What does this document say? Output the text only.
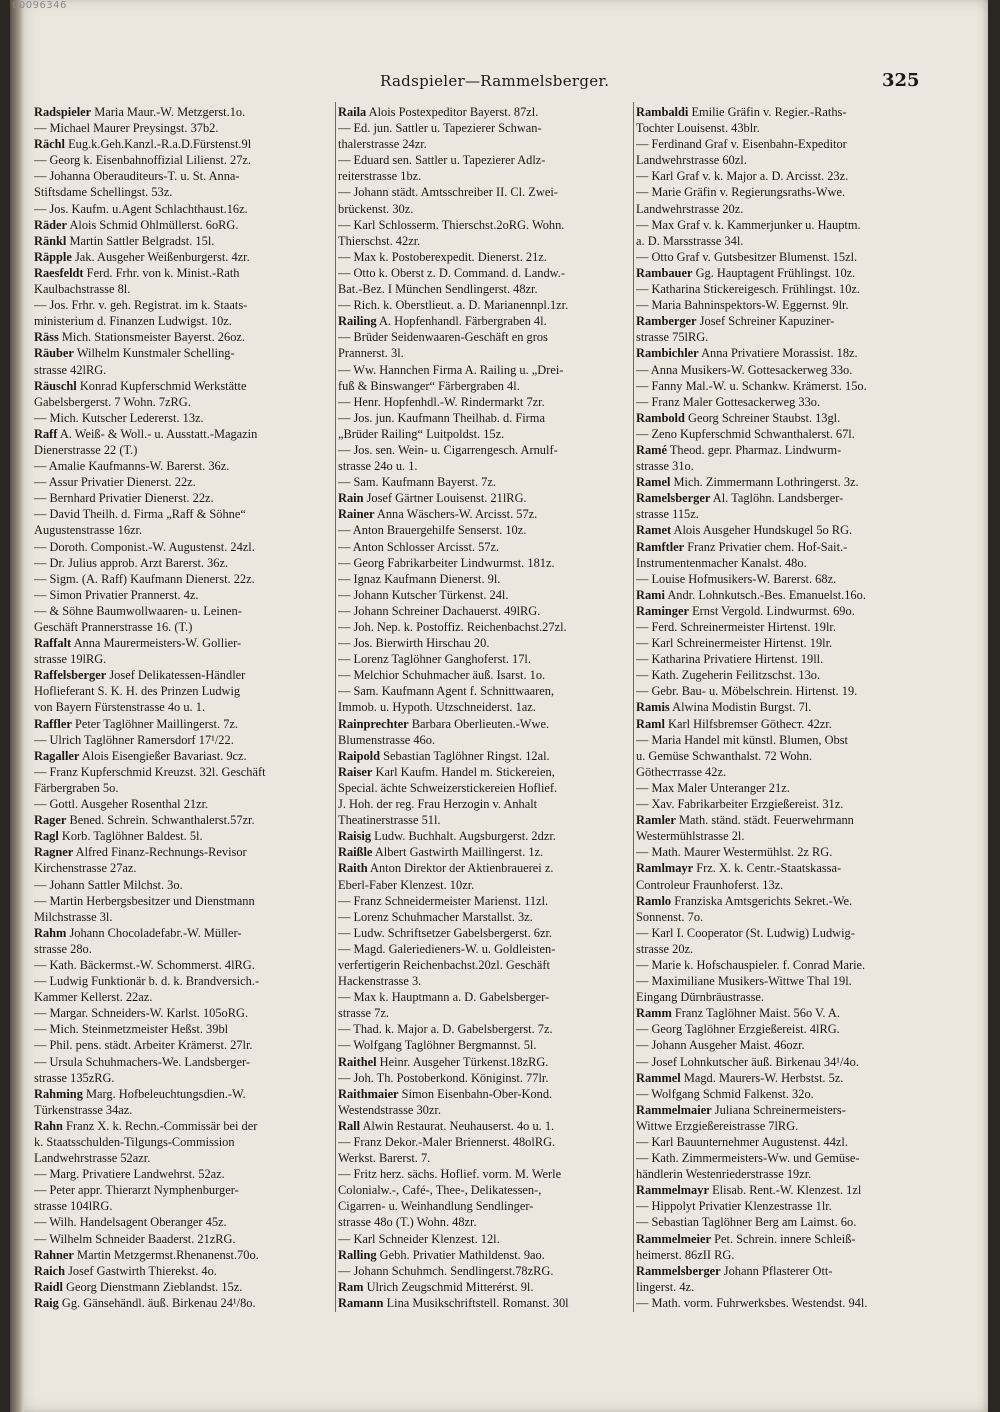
00096346
Radspieler—Rammelsberger.	325
Radspieler Maria Maur.-W. Metzgerst.1o.
— Michael Maurer Preysingst. 37b2.
Rächl Eug.k.Geh.Kanzl.-R.a.D.Fürstenst.9l
— Georg k. Eisenbahnoffizial Lilienst. 27z.
— Johanna Oberauditeurs-T. u. St. Anna-
Stiftsdame Schellingst. 53z.
— Jos. Kaufm. u.Agent Schlachthaust.16z.
Räder Alois Schmid Ohlmüllerst. 6oRG.
Ränkl Martin Sattler Belgradst. 15l.
Räpple Jak. Ausgeher Weißenburgerst. 4zr.
Raesfeldt Ferd. Frhr. von k. Minist.-Rath
Kaulbachstrasse 8l.
— Jos. Frhr. v. geh. Registrat. im k. Staats-
ministerium d. Finanzen Ludwigst. 10z.
Räss Mich. Stationsmeister Bayerst. 26oz.
Räuber Wilhelm Kunstmaler Schelling-
strasse 42lRG.
Räuschl Konrad Kupferschmid Werkstätte
Gabelsbergerst. 7 Wohn. 7zRG.
— Mich. Kutscher Ledererst. 13z.
Raff A. Weiß- & Woll.- u. Ausstatt.-Magazin
Dienerstrasse 22 (T.)
— Amalie Kaufmanns-W. Barerst. 36z.
— Assur Privatier Dienerst. 22z.
— Bernhard Privatier Dienerst. 22z.
— David Theilh. d. Firma „Raff & Söhne“
Augustenstrasse 16zr.
— Doroth. Componist.-W. Augustenst. 24zl.
— Dr. Julius approb. Arzt Barerst. 36z.
— Sigm. (A. Raff) Kaufmann Dienerst. 22z.
— Simon Privatier Prannerst. 4z.
— & Söhne Baumwollwaaren- u. Leinen-
Geschäft Prannerstrasse 16. (T.)
Raffalt Anna Maurermeisters-W. Gollier-
strasse 19lRG.
Raffelsberger Josef Delikatessen-Händler
Hoflieferant S. K. H. des Prinzen Ludwig
von Bayern Fürstenstrasse 4o u. 1.
Raffler Peter Taglöhner Maillingerst. 7z.
— Ulrich Taglöhner Ramersdorf 17¹/22.
Ragaller Alois Eisengießer Bavariast. 9cz.
— Franz Kupferschmid Kreuzst. 32l. Geschäft
Färbergraben 5o.
— Gottl. Ausgeher Rosenthal 21zr.
Rager Bened. Schrein. Schwanthalerst.57zr.
Ragl Korb. Taglöhner Baldest. 5l.
Ragner Alfred Finanz-Rechnungs-Revisor
Kirchenstrasse 27az.
— Johann Sattler Milchst. 3o.
— Martin Herbergsbesitzer und Dienstmann
Milchstrasse 3l.
Rahm Johann Chocoladefabr.-W. Müller-
strasse 28o.
— Kath. Bäckermst.-W. Schommerst. 4lRG.
— Ludwig Funktionär b. d. k. Brandversich.-
Kammer Kellerst. 22az.
— Margar. Schneiders-W. Karlst. 105oRG.
— Mich. Steinmetzmeister Heßst. 39bl
— Phil. pens. städt. Arbeiter Krämerst. 27lr.
— Ursula Schuhmachers-We. Landsberger-
strasse 135zRG.
Rahming Marg. Hofbeleuchtungsdien.-W.
Türkenstrasse 34az.
Rahn Franz X. k. Rechn.-Commissär bei der
k. Staatsschulden-Tilgungs-Commission
Landwehrstrasse 52azr.
— Marg. Privatiere Landwehrst. 52az.
— Peter appr. Thierarzt Nymphenburger-
strasse 104lRG.
— Wilh. Handelsagent Oberanger 45z.
— Wilhelm Schneider Baaderst. 21zRG.
Rahner Martin Metzgermst.Rhenanenst.70o.
Raich Josef Gastwirth Thierekst. 4o.
Raidl Georg Dienstmann Zieblandst. 15z.
Raig Gg. Gänsehändl. äuß. Birkenau 24¹/8o.
Raila Alois Postexpeditor Bayerst. 87zl.
— Ed. jun. Sattler u. Tapezierer Schwan-
thalerstrasse 24zr.
— Eduard sen. Sattler u. Tapezierer Adlz-
reiterstrasse 1bz.
— Johann städt. Amtsschreiber II. Cl. Zwei-
brückenst. 30z.
— Karl Schlosserm. Thierschst.2oRG. Wohn.
Thierschst. 42zr.
— Max k. Postoberexpedit. Dienerst. 21z.
— Otto k. Oberst z. D. Command. d. Landw.-
Bat.-Bez. I München Sendlingerst. 48zr.
— Rich. k. Oberstlieut. a. D. Marianennpl.1zr.
Railing A. Hopfenhandl. Färbergraben 4l.
— Brüder Seidenwaaren-Geschäft en gros
Prannerst. 3l.
— Ww. Hannchen Firma A. Railing u. „Drei-
fuß & Binswanger“ Färbergraben 4l.
— Henr. Hopfenhdl.-W. Rindermarkt 7zr.
— Jos. jun. Kaufmann Theilhab. d. Firma
„Brüder Railing“ Luitpoldst. 15z.
— Jos. sen. Wein- u. Cigarrengesch. Arnulf-
strasse 24o u. 1.
— Sam. Kaufmann Bayerst. 7z.
Rain Josef Gärtner Louisenst. 21lRG.
Rainer Anna Wäschers-W. Arcisst. 57z.
— Anton Brauergehilfe Senserst. 10z.
— Anton Schlosser Arcisst. 57z.
— Georg Fabrikarbeiter Lindwurmst. 181z.
— Ignaz Kaufmann Dienerst. 9l.
— Johann Kutscher Türkenst. 24l.
— Johann Schreiner Dachauerst. 49lRG.
— Joh. Nep. k. Postoffiz. Reichenbachst.27zl.
— Jos. Bierwirth Hirschau 20.
— Lorenz Taglöhner Ganghoferst. 17l.
— Melchior Schuhmacher äuß. Isarst. 1o.
— Sam. Kaufmann Agent f. Schnittwaaren,
Immob. u. Hypoth. Utzschneiderst. 1az.
Rainprechter Barbara Oberlieuten.-Wwe.
Blumenstrasse 46o.
Raipold Sebastian Taglöhner Ringst. 12al.
Raiser Karl Kaufm. Handel m. Stickereien,
Special. ächte Schweizerstickereien Hoflief.
J. Hoh. der reg. Frau Herzogin v. Anhalt
Theatinerstrasse 51l.
Raisig Ludw. Buchhalt. Augsburgerst. 2dzr.
Raißle Albert Gastwirth Maillingerst. 1z.
Raith Anton Direktor der Aktienbrauerei z.
Eberl-Faber Klenzest. 10zr.
— Franz Schneidermeister Marienst. 11zl.
— Lorenz Schuhmacher Marstallst. 3z.
— Ludw. Schriftsetzer Gabelsbergerst. 6zr.
— Magd. Galeriedieners-W. u. Goldleisten-
verfertigerin Reichenbachst.20zl. Geschäft
Hackenstrasse 3.
— Max k. Hauptmann a. D. Gabelsberger-
strasse 7z.
— Thad. k. Major a. D. Gabelsbergerst. 7z.
— Wolfgang Taglöhner Bergmannst. 5l.
Raithel Heinr. Ausgeher Türkenst.18zRG.
— Joh. Th. Postoberkond. Königinst. 77lr.
Raithmaier Simon Eisenbahn-Ober-Kond.
Westendstrasse 30zr.
Rall Alwin Restaurat. Neuhauserst. 4o u. 1.
— Franz Dekor.-Maler Briennerst. 48olRG.
Werkst. Barerst. 7.
— Fritz herz. sächs. Hoflief. vorm. M. Werle
Colonialw.-, Café-, Thee-, Delikatessen-,
Cigarren- u. Weinhandlung Sendlinger-
strasse 48o (T.) Wohn. 48zr.
— Karl Schneider Klenzest. 12l.
Ralling Gebh. Privatier Mathildenst. 9ao.
— Johann Schuhmch. Sendlingerst.78zRG.
Ram Ulrich Zeugschmid Mitterérst. 9l.
Ramann Lina Musikschriftstell. Romanst. 30l
Rambaldi Emilie Gräfin v. Regier.-Raths-
Tochter Louisenst. 43blr.
— Ferdinand Graf v. Eisenbahn-Expeditor
Landwehrstrasse 60zl.
— Karl Graf v. k. Major a. D. Arcisst. 23z.
— Marie Gräfin v. Regierungsraths-Wwe.
Landwehrstrasse 20z.
— Max Graf v. k. Kammerjunker u. Hauptm.
a. D. Marsstrasse 34l.
— Otto Graf v. Gutsbesitzer Blumenst. 15zl.
Rambauer Gg. Hauptagent Frühlingst. 10z.
— Katharina Stickereigesch. Frühlingst. 10z.
— Maria Bahninspektors-W. Eggernst. 9lr.
Ramberger Josef Schreiner Kapuziner-
strasse 75lRG.
Rambichler Anna Privatiere Morassist. 18z.
— Anna Musikers-W. Gottesackerweg 33o.
— Fanny Mal.-W. u. Schankw. Krämerst. 15o.
— Franz Maler Gottesackerweg 33o.
Rambold Georg Schreiner Staubst. 13gl.
— Zeno Kupferschmid Schwanthalerst. 67l.
Ramé Theod. gepr. Pharmaz. Lindwurm-
strasse 31o.
Ramel Mich. Zimmermann Lothringerst. 3z.
Ramelsberger Al. Taglöhn. Landsberger-
strasse 115z.
Ramet Alois Ausgeher Hundskugel 5o RG.
Ramftler Franz Privatier chem. Hof-Sait.-
Instrumentenmacher Kanalst. 48o.
— Louise Hofmusikers-W. Barerst. 68z.
Rami Andr. Lohnkutsch.-Bes. Emanuelst.16o.
Raminger Ernst Vergold. Lindwurmst. 69o.
— Ferd. Schreinermeister Hirtenst. 19lr.
— Karl Schreinermeister Hirtenst. 19lr.
— Katharina Privatiere Hirtenst. 19ll.
— Kath. Zugeherin Feilitzschst. 13o.
— Gebr. Bau- u. Möbelschrein. Hirtenst. 19.
Ramis Alwina Modistin Burgst. 7l.
Raml Karl Hilfsbremser Götheст. 42zr.
— Maria Handel mit künstl. Blumen, Obst
u. Gemüse Schwanthalst. 72 Wohn.
Götheстrasse 42z.
— Max Maler Unteranger 21z.
— Xav. Fabrikarbeiter Erzgießereist. 31z.
Ramler Math. ständ. städt. Feuerwehrmann
Westermühlstrasse 2l.
— Math. Maurer Westermühlst. 2z RG.
Ramlmayr Frz. X. k. Centr.-Staatskassa-
Controleur Fraunhoferst. 13z.
Ramlo Franziska Amtsgerichts Sekret.-We.
Sonnenst. 7o.
— Karl I. Cooperator (St. Ludwig) Ludwig-
strasse 20z.
— Marie k. Hofschauspieler. f. Conrad Marie.
— Maximiliane Musikers-Wittwe Thal 19l.
Eingang Dürnbräustrasse.
Ramm Franz Taglöhner Maist. 56o V. A.
— Georg Taglöhner Erzgießereist. 4lRG.
— Johann Ausgeher Maist. 46ozr.
— Josef Lohnkutscher äuß. Birkenau 34¹/4o.
Rammel Magd. Maurers-W. Herbstst. 5z.
— Wolfgang Schmid Falkenst. 32o.
Rammelmaier Juliana Schreinermeisters-
Wittwe Erzgießereistrasse 7lRG.
— Karl Bauunternehmer Augustenst. 44zl.
— Kath. Zimmermeisters-Ww. und Gemüse-
händlerin Westenriederstrasse 19zr.
Rammelmayr Elisab. Rent.-W. Klenzest. 1zl
— Hippolyt Privatier Klenzestrasse 1lr.
— Sebastian Taglöhner Berg am Laimst. 6o.
Rammelmeier Pet. Schrein. innere Schleiß-
heimerst. 86zII RG.
Rammelsberger Johann Pflasterer Ott-
lingerst. 4z.
— Math. vorm. Fuhrwerksbes. Westendst. 94l.
